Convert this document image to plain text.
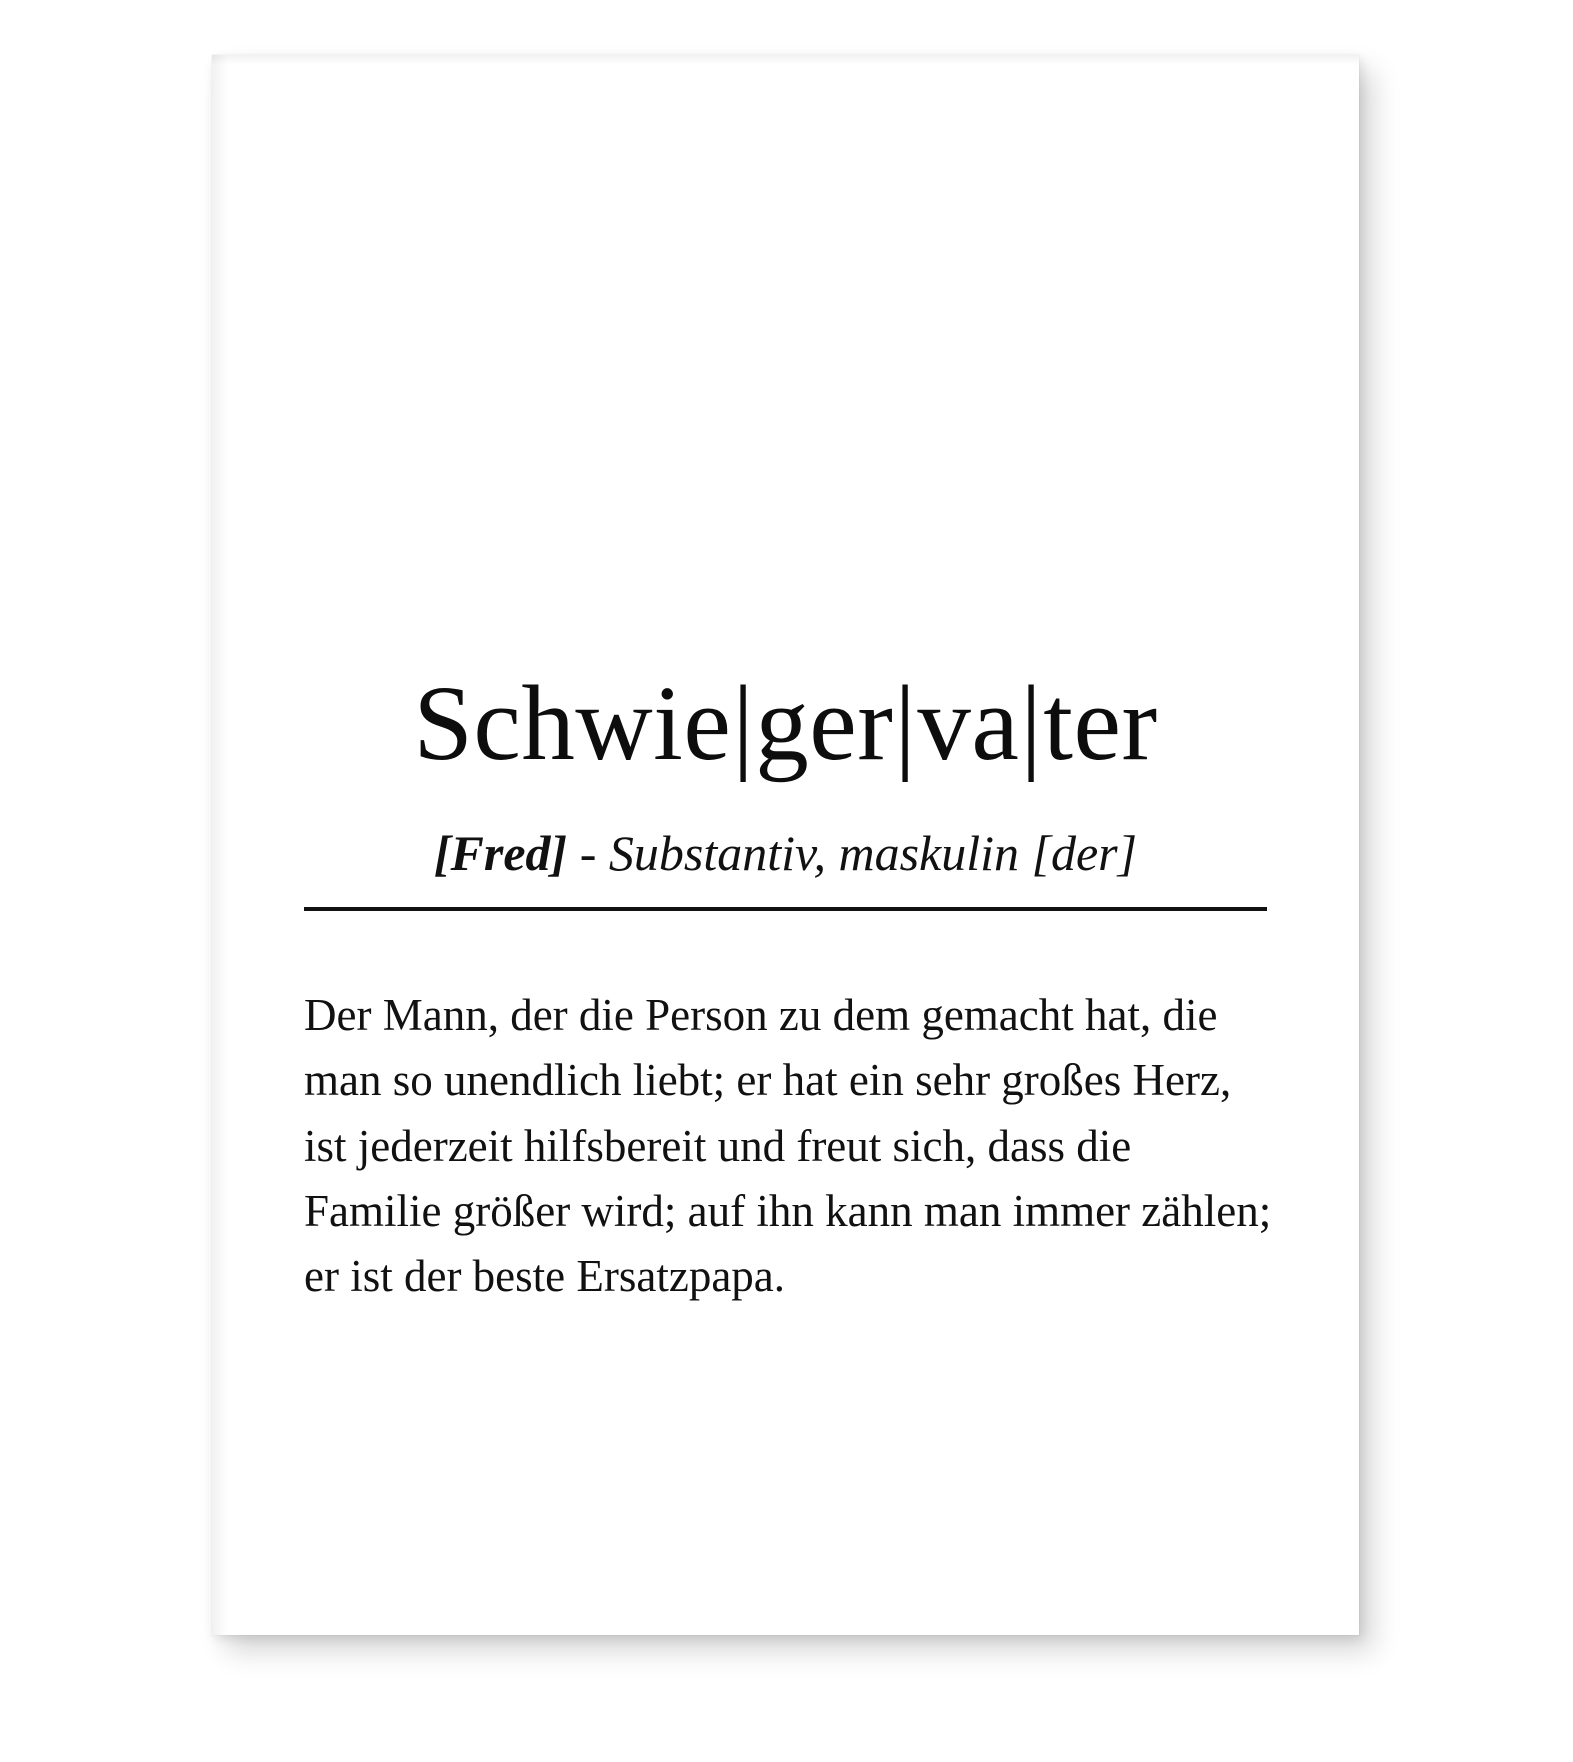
Schwie|ger|va|ter
[Fred] - Substantiv, maskulin [der]
Der Mann, der die Person zu dem gemacht hat, die man so unendlich liebt; er hat ein sehr großes Herz, ist jederzeit hilfsbereit und freut sich, dass die Familie größer wird; auf ihn kann man immer zählen; er ist der beste Ersatzpapa.
